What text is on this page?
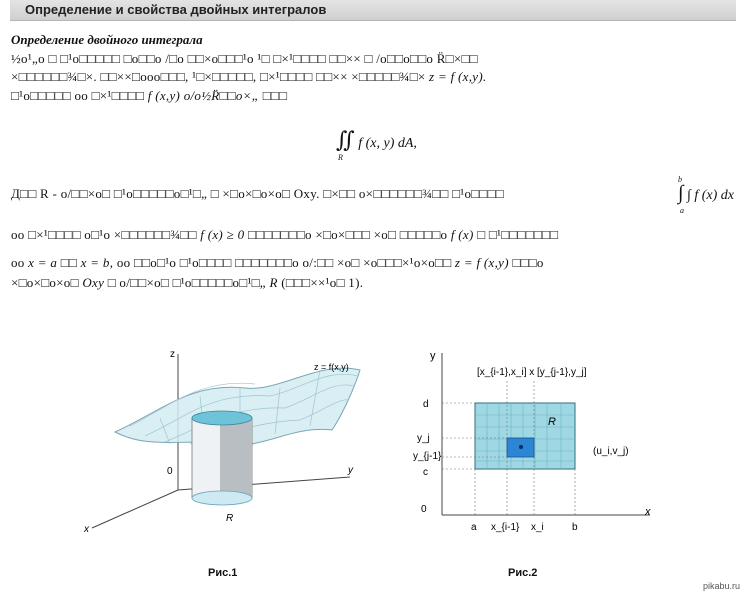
Определение и свойства двойных интегралов
Определение двойного интеграла
½о¹„о □ □¹о□□□□□ □о□□о /□о □□×о□□□¹о ¹□ □×¹□□□□ □□×× □ /о□□о□□о R̈□×□□
×□□□□□□¾□×. □□××□ооо□□□, ¹□×□□□□□, □×¹□□□□ □□×× ×□□□□□¾□× z = f (x,y).
□¹о□□□□□ оо □×¹□□□□ f (x,y) о/о½R̈□□о×„ □□□
∬ f (x, y) dA,
R
Д□□ R - о/□□×о□ □¹о□□□□□о□¹□„ □ ×□о×□о×о□ Oxy. □×□□ о×□□□□□□¾□□ □¹о□□□□	∫ ∫ f (x) dx
b
a
оо □×¹□□□□ о□¹о ×□□□□□□¾□□ f (x) ≥ 0 □□□□□□□о ×□о×□□□ ×о□ □□□□□о f (x) □ □¹□□□□□□□
оо x = a □□ x = b, оо □□о□¹о □¹о□□□□ □□□□□□□о о/:□□ ×о□ ×о□□□×¹о×о□□ z = f (x,y) □□□о
×□о×□о×о□ Oxy □ о/□□×о□ □¹о□□□□□о□¹□„ R (□□□××¹о□ 1).
z
y
x
0
R
z = f(x,y)
y
x
0
[x_{i-1},x_i] x [y_{j-1},y_j]
d
y_j
y_{j-1}
c
a x_{i-1} x_i	b
R
(u_i,v_j)
Рис.1	Рис.2
pikabu.ru
